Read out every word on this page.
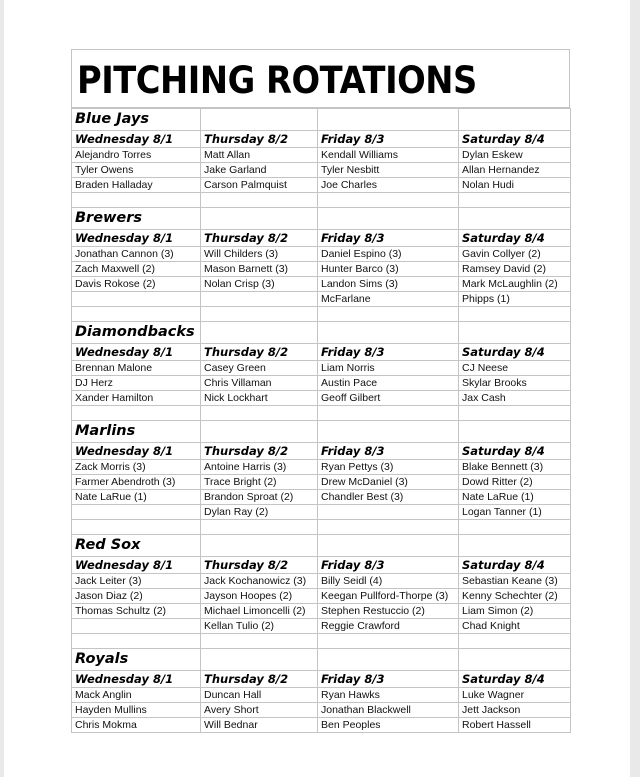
PITCHING ROTATIONS
Blue Jays			
Wednesday 8/1	Thursday 8/2	Friday 8/3	Saturday 8/4
Alejandro Torres	Matt Allan	Kendall Williams	Dylan Eskew
Tyler Owens	Jake Garland	Tyler Nesbitt	Allan Hernandez
Braden Halladay	Carson Palmquist	Joe Charles	Nolan Hudi

Brewers			
Wednesday 8/1	Thursday 8/2	Friday 8/3	Saturday 8/4
Jonathan Cannon (3)	Will Childers (3)	Daniel Espino (3)	Gavin Collyer (2)
Zach Maxwell (2)	Mason Barnett (3)	Hunter Barco (3)	Ramsey David (2)
Davis Rokose (2)	Nolan Crisp (3)	Landon Sims (3)	Mark McLaughlin (2)
		McFarlane	Phipps (1)

Diamondbacks			
Wednesday 8/1	Thursday 8/2	Friday 8/3	Saturday 8/4
Brennan Malone	Casey Green	Liam Norris	CJ Neese
DJ Herz	Chris Villaman	Austin Pace	Skylar Brooks
Xander Hamilton	Nick Lockhart	Geoff Gilbert	Jax Cash

Marlins			
Wednesday 8/1	Thursday 8/2	Friday 8/3	Saturday 8/4
Zack Morris (3)	Antoine Harris (3)	Ryan Pettys (3)	Blake Bennett (3)
Farmer Abendroth (3)	Trace Bright (2)	Drew McDaniel (3)	Dowd Ritter (2)
Nate LaRue (1)	Brandon Sproat (2)	Chandler Best (3)	Nate LaRue (1)
	Dylan Ray (2)		Logan Tanner (1)

Red Sox			
Wednesday 8/1	Thursday 8/2	Friday 8/3	Saturday 8/4
Jack Leiter (3)	Jack Kochanowicz (3)	Billy Seidl (4)	Sebastian Keane (3)
Jason Diaz (2)	Jayson Hoopes (2)	Keegan Pullford-Thorpe (3)	Kenny Schechter (2)
Thomas Schultz (2)	Michael Limoncelli (2)	Stephen Restuccio (2)	Liam Simon (2)
	Kellan Tulio (2)	Reggie Crawford	Chad Knight

Royals			
Wednesday 8/1	Thursday 8/2	Friday 8/3	Saturday 8/4
Mack Anglin	Duncan Hall	Ryan Hawks	Luke Wagner
Hayden Mullins	Avery Short	Jonathan Blackwell	Jett Jackson
Chris Mokma	Will Bednar	Ben Peoples	Robert Hassell
